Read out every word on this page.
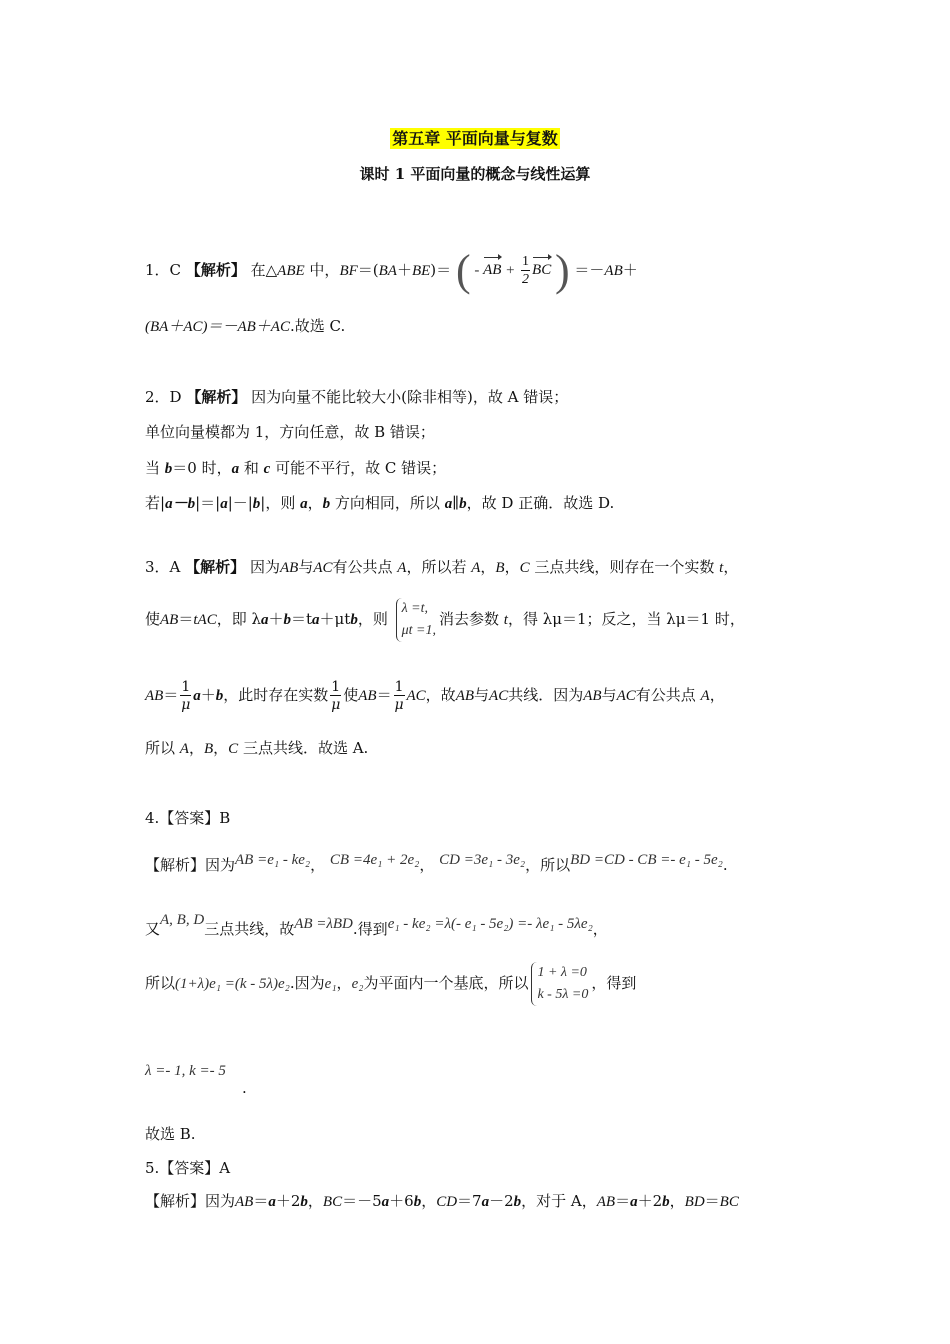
第五章 平面向量与复数
课时 1 平面向量的概念与线性运算
1．C 【解析】 在△ABE 中，BF＝(BA＋BE)＝ ( - AB + $\frac{1}{2}$ BC ) ＝－AB＋
(BA＋AC)＝－AB＋AC.故选 C.
2．D 【解析】 因为向量不能比较大小(除非相等)，故 A 错误；
单位向量模都为 1，方向任意，故 B 错误；
当 b＝0 时，a 和 c 可能不平行，故 C 错误；
若|a－b|＝|a|－|b|，则 a，b 方向相同，所以 a∥b，故 D 正确．故选 D.
3．A 【解析】 因为AB与AC有公共点 A，所以若 A，B，C 三点共线，则存在一个实数 t，
使AB＝tAC，即 λa＋b＝ta＋μtb，则
λ =t,
μt =1,
消去参数 t，得 λμ＝1；反之，当 λμ＝1 时，
$AB= \frac{1}{\mu} a+b$，此时存在实数 $\frac{1}{\mu}$ 使$AB= \frac{1}{\mu}$ AC，故AB与AC共线．因为AB与AC有公共点 A，
所以 A，B，C 三点共线．故选 A.
4.【答案】B
【解析】因为AB =e₁ - ke₂， CB =4e₁ + 2e₂， CD =3e₁ - 3e₂，所以BD =CD - CB =- e₁ - 5e₂.
又A, B, D三点共线，故AB =λBD.得到e₁ - ke₂ =λ(- e₁ - 5e₂) =- λe₁ - 5λe₂，
所以(1+λ)e₁ =(k - 5λ)e₂.因为e₁，e₂为平面内一个基底，所以
1 + λ =0
k - 5λ =0
，得到
λ =- 1, k =- 5
.
故选 B.
5.【答案】A
【解析】因为AB＝a＋2b，BC＝－5a＋6b，CD＝7a－2b，对于 A，AB＝a＋2b，BD＝BC
